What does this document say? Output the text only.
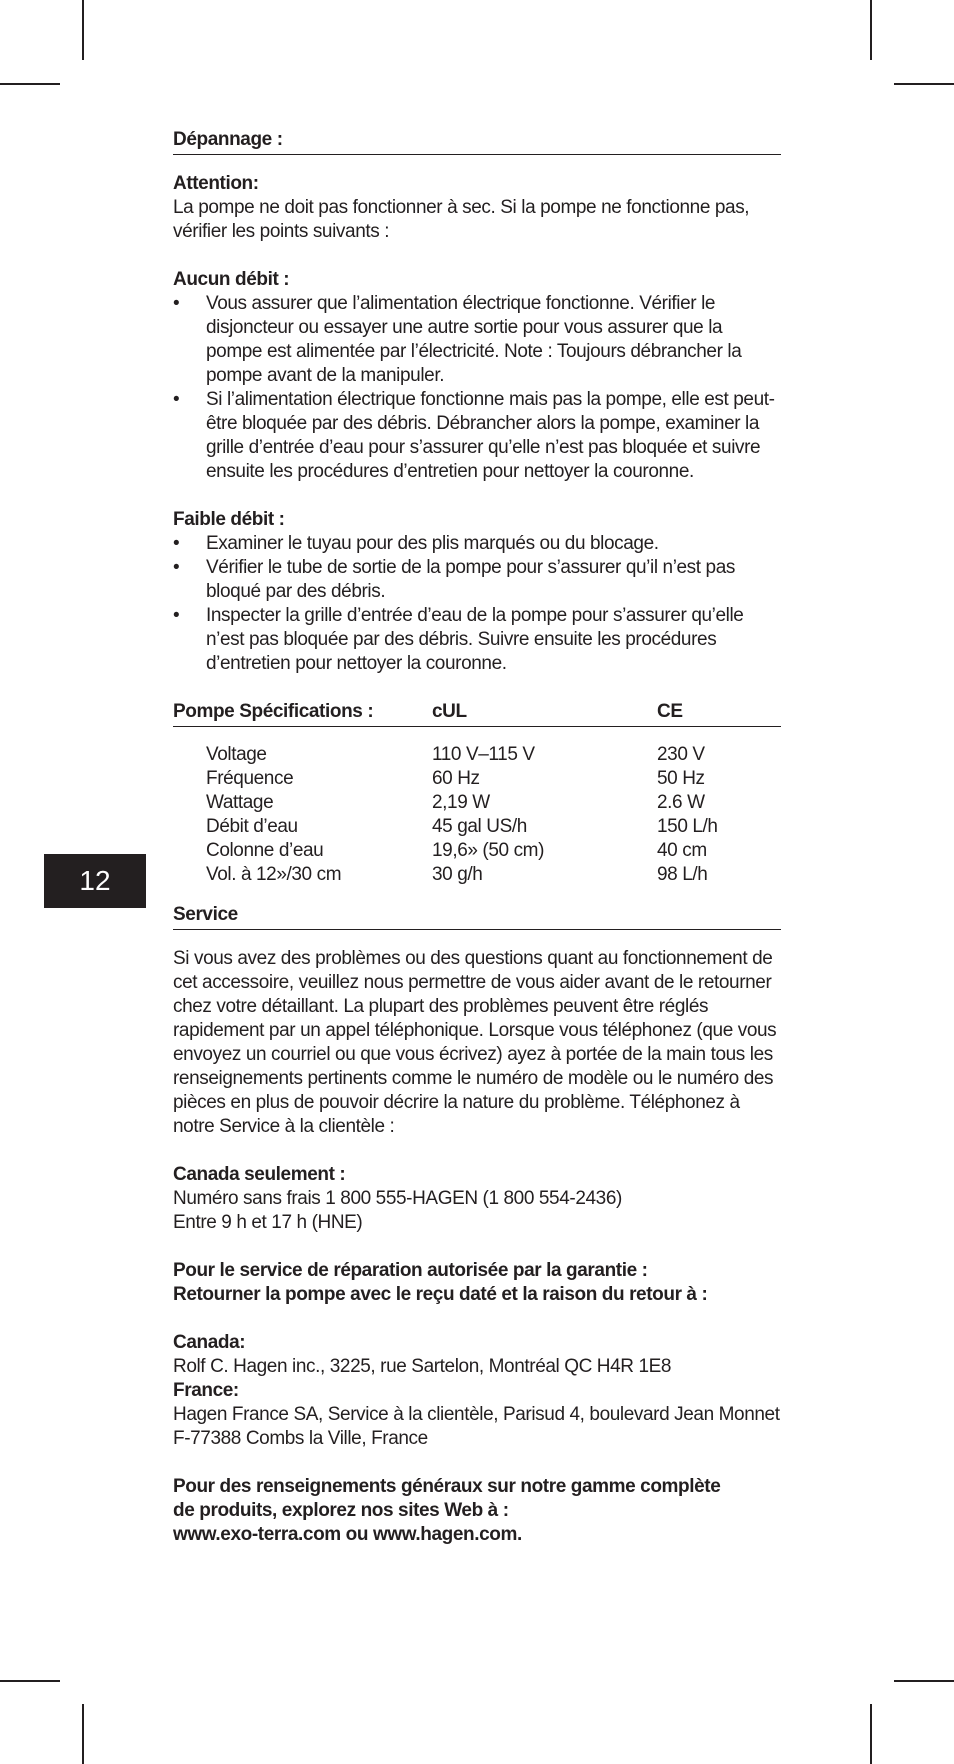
12
Dépannage :
Attention:
La pompe ne doit pas fonctionner à sec. Si la pompe ne fonctionne pas, vérifier les points suivants :
Aucun débit :
• Vous assurer que l’alimentation électrique fonctionne. Vérifier le disjoncteur ou essayer une autre sortie pour vous assurer que la pompe est alimentée par l’électricité. Note : Toujours débrancher la pompe avant de la manipuler.
• Si l’alimentation électrique fonctionne mais pas la pompe, elle est peut-être bloquée par des débris. Débrancher alors la pompe, examiner la grille d’entrée d’eau pour s’assurer qu’elle n’est pas bloquée et suivre ensuite les procédures d’entretien pour nettoyer la couronne.
Faible débit :
• Examiner le tuyau pour des plis marqués ou du blocage.
• Vérifier le tube de sortie de la pompe pour s’assurer qu’il n’est pas bloqué par des débris.
• Inspecter la grille d’entrée d’eau de la pompe pour s’assurer qu’elle n’est pas bloquée par des débris. Suivre ensuite les procédures d’entretien pour nettoyer la couronne.
Pompe Spécifications :	cUL	CE
Voltage	110 V–115 V	230 V
Fréquence	60 Hz	50 Hz
Wattage	2,19 W	2.6 W
Débit d’eau	45 gal US/h	150 L/h
Colonne d’eau	19,6» (50 cm)	40 cm
Vol. à 12»/30 cm	30 g/h	98 L/h
Service
Si vous avez des problèmes ou des questions quant au fonctionnement de cet accessoire, veuillez nous permettre de vous aider avant de le retourner chez votre détaillant. La plupart des problèmes peuvent être réglés rapidement par un appel téléphonique. Lorsque vous téléphonez (que vous envoyez un courriel ou que vous écrivez) ayez à portée de la main tous les renseignements pertinents comme le numéro de modèle ou le numéro des pièces en plus de pouvoir décrire la nature du problème. Téléphonez à notre Service à la clientèle :
Canada seulement :
Numéro sans frais 1 800 555-HAGEN (1 800 554-2436)
Entre 9 h et 17 h (HNE)
Pour le service de réparation autorisée par la garantie :
Retourner la pompe avec le reçu daté et la raison du retour à :
Canada:
Rolf C. Hagen inc., 3225, rue Sartelon, Montréal QC H4R 1E8
France:
Hagen France SA, Service à la clientèle, Parisud 4, boulevard Jean Monnet F-77388 Combs la Ville, France
Pour des renseignements généraux sur notre gamme complète
de produits, explorez nos sites Web à :
www.exo-terra.com ou www.hagen.com.
